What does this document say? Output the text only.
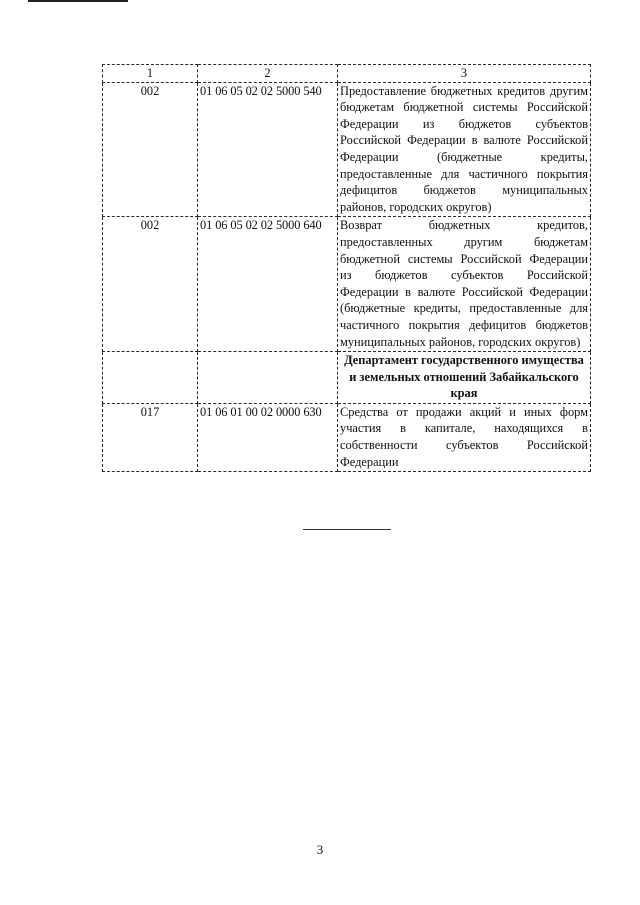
1	2	3
002	01 06 05 02 02 5000 540	Предоставление бюджетных кредитов другим бюджетам бюджетной системы Российской Федерации из бюджетов субъектов Российской Федерации в валюте Российской Федерации (бюджетные кредиты, предоставленные для частичного покрытия дефицитов бюджетов муниципальных районов, городских округов)
002	01 06 05 02 02 5000 640	Возврат бюджетных кредитов, предоставленных другим бюджетам бюджетной системы Российской Федерации из бюджетов субъектов Российской Федерации в валюте Российской Федерации (бюджетные кредиты, предоставленные для частичного покрытия дефицитов бюджетов муниципальных районов, городских округов)
		Департамент государственного имущества и земельных отношений Забайкальского края
017	01 06 01 00 02 0000 630	Средства от продажи акций и иных форм участия в капитале, находящихся в собственности субъектов Российской Федерации
3
